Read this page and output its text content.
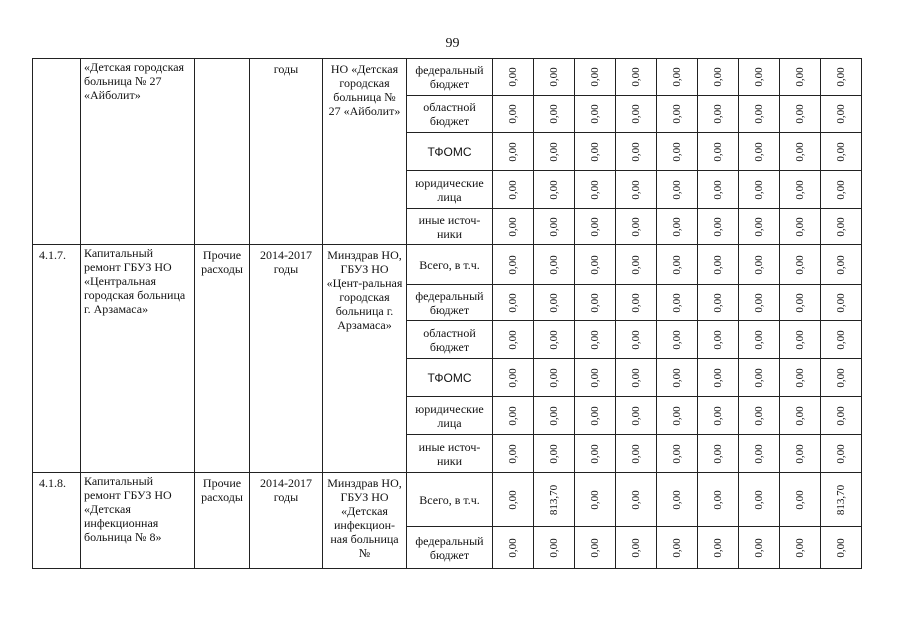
99
	«Детская городская больница № 27 «Айболит»		годы	НО «Детская городская больница № 27 «Айболит»	федеральный бюджет	0,00	0,00	0,00	0,00	0,00	0,00	0,00	0,00	0,00

					областной бюджет	0,00	0,00	0,00	0,00	0,00	0,00	0,00	0,00	0,00

					ТФОМС	0,00	0,00	0,00	0,00	0,00	0,00	0,00	0,00	0,00

					юридические лица	0,00	0,00	0,00	0,00	0,00	0,00	0,00	0,00	0,00

					иные источ-ники	0,00	0,00	0,00	0,00	0,00	0,00	0,00	0,00	0,00

4.1.7.	Капитальный ремонт ГБУЗ НО «Центральная городская больница г. Арзамаса»	Прочие расходы	2014-2017 годы	Минздрав НО, ГБУЗ НО «Цент-ральная городская больница г. Арзамаса»	Всего, в т.ч.	0,00	0,00	0,00	0,00	0,00	0,00	0,00	0,00	0,00

					федеральный бюджет	0,00	0,00	0,00	0,00	0,00	0,00	0,00	0,00	0,00

					областной бюджет	0,00	0,00	0,00	0,00	0,00	0,00	0,00	0,00	0,00

					ТФОМС	0,00	0,00	0,00	0,00	0,00	0,00	0,00	0,00	0,00

					юридические лица	0,00	0,00	0,00	0,00	0,00	0,00	0,00	0,00	0,00

					иные источ-ники	0,00	0,00	0,00	0,00	0,00	0,00	0,00	0,00	0,00

4.1.8.	Капитальный ремонт ГБУЗ НО «Детская инфекционная больница № 8»	Прочие расходы	2014-2017 годы	Минздрав НО, ГБУЗ НО «Детская инфекцион-ная больница №	Всего, в т.ч.	0,00	813,70	0,00	0,00	0,00	0,00	0,00	0,00	813,70

					федеральный бюджет	0,00	0,00	0,00	0,00	0,00	0,00	0,00	0,00	0,00
